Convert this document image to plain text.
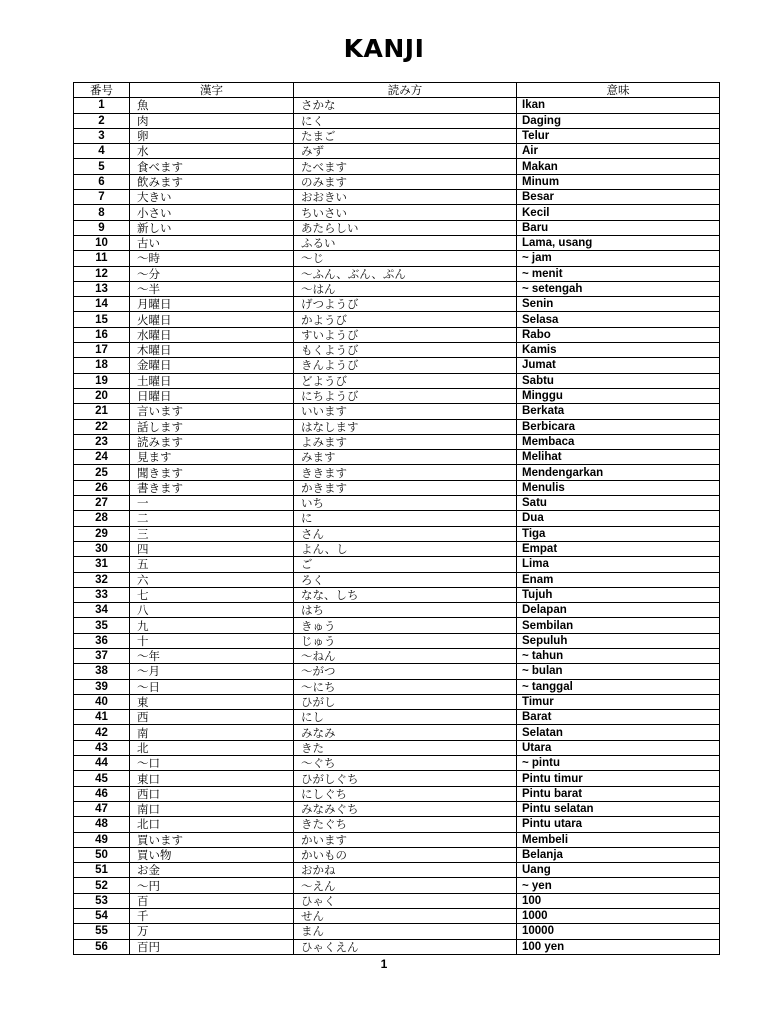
KANJI
番号	漢字	読み方	意味
1	魚	さかな	Ikan
2	肉	にく	Daging
3	卵	たまご	Telur
4	水	みず	Air
5	食べます	たべます	Makan
6	飲みます	のみます	Minum
7	大きい	おおきい	Besar
8	小さい	ちいさい	Kecil
9	新しい	あたらしい	Baru
10	古い	ふるい	Lama, usang
11	～時	～じ	~ jam
12	～分	～ふん、ぶん、ぷん	~ menit
13	～半	～はん	~ setengah
14	月曜日	げつようび	Senin
15	火曜日	かようび	Selasa
16	水曜日	すいようび	Rabo
17	木曜日	もくようび	Kamis
18	金曜日	きんようび	Jumat
19	土曜日	どようび	Sabtu
20	日曜日	にちようび	Minggu
21	言います	いいます	Berkata
22	話します	はなします	Berbicara
23	読みます	よみます	Membaca
24	見ます	みます	Melihat
25	聞きます	ききます	Mendengarkan
26	書きます	かきます	Menulis
27	一	いち	Satu
28	二	に	Dua
29	三	さん	Tiga
30	四	よん、し	Empat
31	五	ご	Lima
32	六	ろく	Enam
33	七	なな、しち	Tujuh
34	八	はち	Delapan
35	九	きゅう	Sembilan
36	十	じゅう	Sepuluh
37	～年	～ねん	~ tahun
38	～月	～がつ	~ bulan
39	～日	～にち	~ tanggal
40	東	ひがし	Timur
41	西	にし	Barat
42	南	みなみ	Selatan
43	北	きた	Utara
44	～口	～ぐち	~ pintu
45	東口	ひがしぐち	Pintu timur
46	西口	にしぐち	Pintu barat
47	南口	みなみぐち	Pintu selatan
48	北口	きたぐち	Pintu utara
49	買います	かいます	Membeli
50	買い物	かいもの	Belanja
51	お金	おかね	Uang
52	～円	～えん	~ yen
53	百	ひゃく	100
54	千	せん	1000
55	万	まん	10000
56	百円	ひゃくえん	100 yen
1
